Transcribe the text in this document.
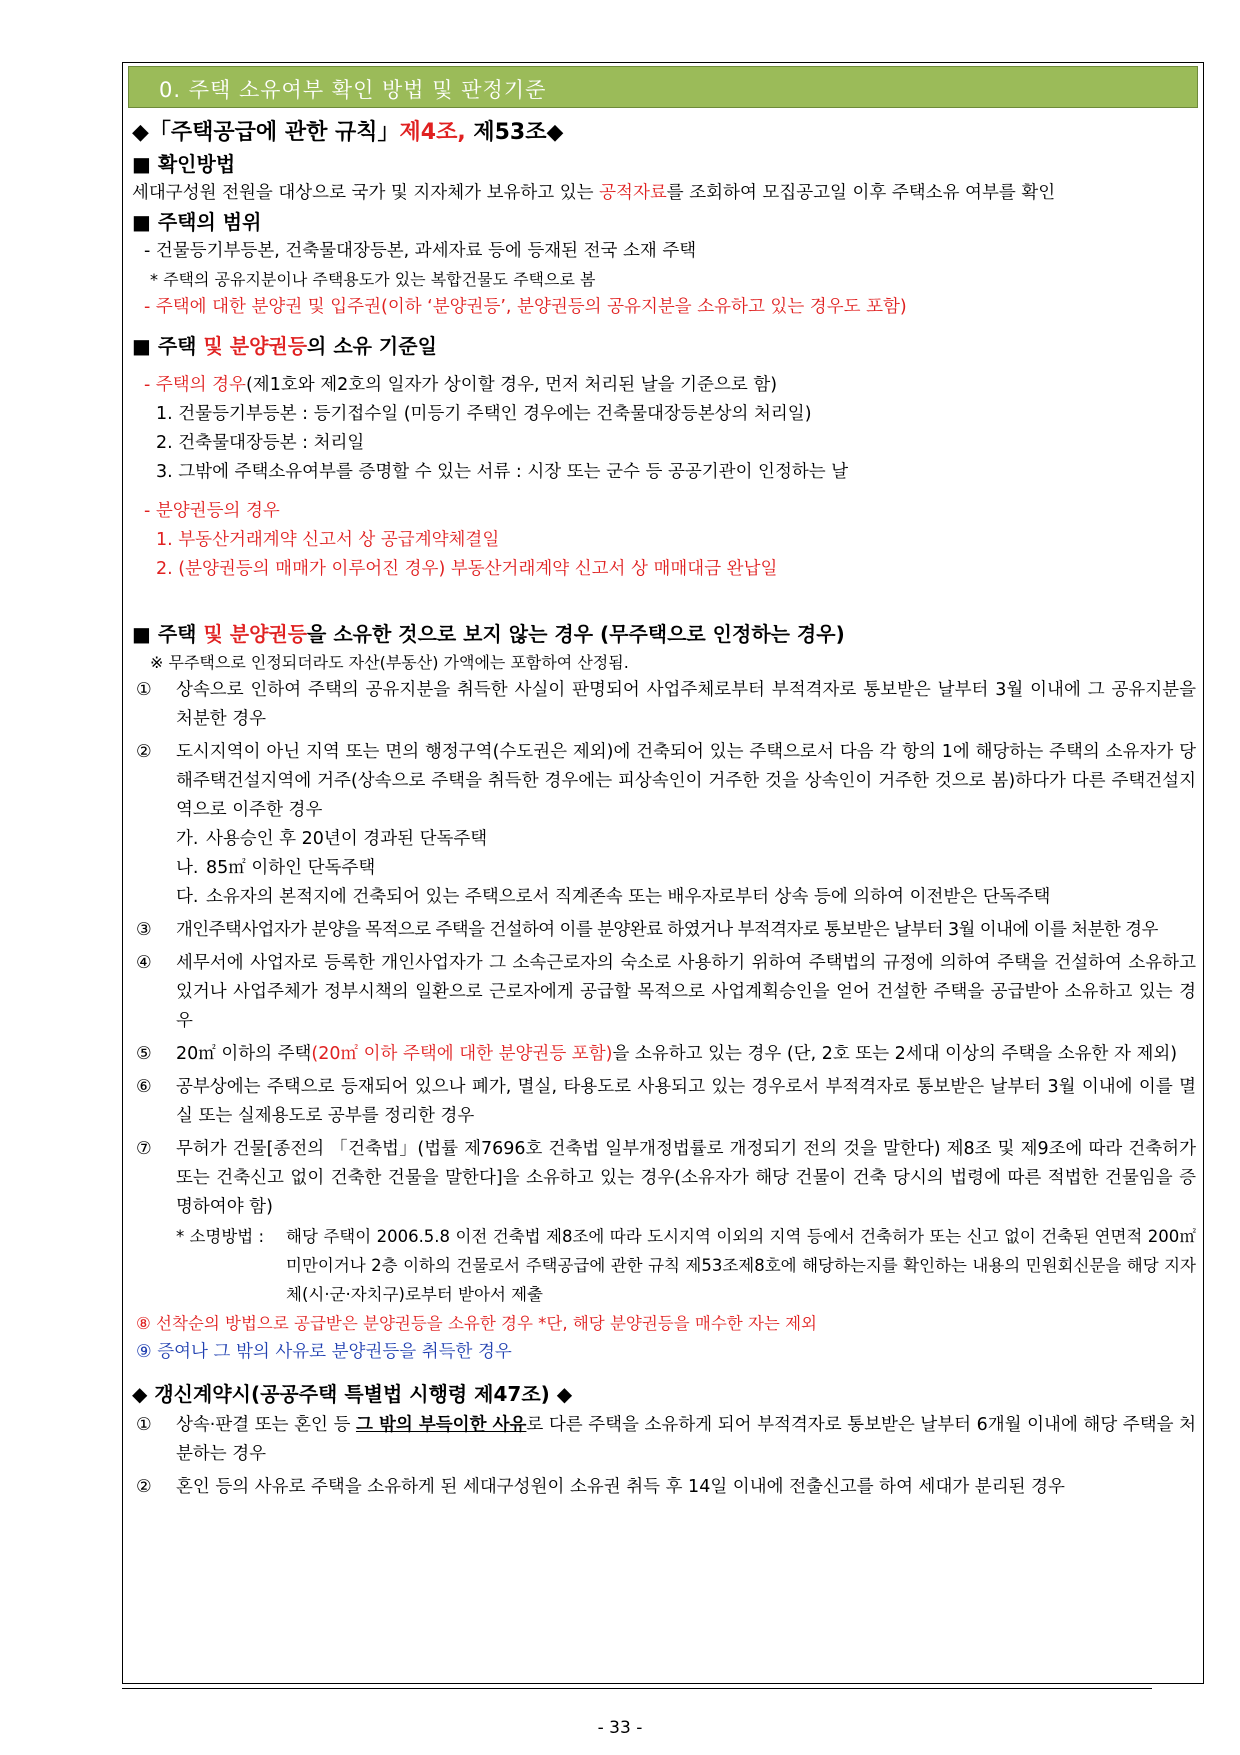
0. 주택 소유여부 확인 방법 및 판정기준

◆「주택공급에 관한 규칙」제4조, 제53조◆

■ 확인방법

세대구성원 전원을 대상으로 국가 및 지자체가 보유하고 있는 공적자료를 조회하여 모집공고일 이후 주택소유 여부를 확인

■ 주택의 범위

- 건물등기부등본, 건축물대장등본, 과세자료 등에 등재된 전국 소재 주택

* 주택의 공유지분이나 주택용도가 있는 복합건물도 주택으로 봄

- 주택에 대한 분양권 및 입주권(이하 ‘분양권등’, 분양권등의 공유지분을 소유하고 있는 경우도 포함)

■ 주택 및 분양권등의 소유 기준일

- 주택의 경우(제1호와 제2호의 일자가 상이할 경우, 먼저 처리된 날을 기준으로 함)

1. 건물등기부등본 : 등기접수일 (미등기 주택인 경우에는 건축물대장등본상의 처리일)

2. 건축물대장등본 : 처리일

3. 그밖에 주택소유여부를 증명할 수 있는 서류 : 시장 또는 군수 등 공공기관이 인정하는 날

- 분양권등의 경우

1. 부동산거래계약 신고서 상 공급계약체결일

2. (분양권등의 매매가 이루어진 경우) 부동산거래계약 신고서 상 매매대금 완납일

■ 주택 및 분양권등을 소유한 것으로 보지 않는 경우 (무주택으로 인정하는 경우)

※ 무주택으로 인정되더라도 자산(부동산) 가액에는 포함하여 산정됨.

①	상속으로 인하여 주택의 공유지분을 취득한 사실이 판명되어 사업주체로부터 부적격자로 통보받은 날부터 3월 이내에 그 공유지분을 처분한 경우
②	도시지역이 아닌 지역 또는 면의 행정구역(수도권은 제외)에 건축되어 있는 주택으로서 다음 각 항의 1에 해당하는 주택의 소유자가 당해주택건설지역에 거주(상속으로 주택을 취득한 경우에는 피상속인이 거주한 것을 상속인이 거주한 것으로 봄)하다가 다른 주택건설지역으로 이주한 경우
가. 사용승인 후 20년이 경과된 단독주택
나. 85㎡ 이하인 단독주택
다. 소유자의 본적지에 건축되어 있는 주택으로서 직계존속 또는 배우자로부터 상속 등에 의하여 이전받은 단독주택
③	개인주택사업자가 분양을 목적으로 주택을 건설하여 이를 분양완료 하였거나 부적격자로 통보받은 날부터 3월 이내에 이를 처분한 경우
④	세무서에 사업자로 등록한 개인사업자가 그 소속근로자의 숙소로 사용하기 위하여 주택법의 규정에 의하여 주택을 건설하여 소유하고 있거나 사업주체가 정부시책의 일환으로 근로자에게 공급할 목적으로 사업계획승인을 얻어 건설한 주택을 공급받아 소유하고 있는 경우
⑤	20㎡ 이하의 주택(20㎡ 이하 주택에 대한 분양권등 포함)을 소유하고 있는 경우 (단, 2호 또는 2세대 이상의 주택을 소유한 자 제외)
⑥	공부상에는 주택으로 등재되어 있으나 폐가, 멸실, 타용도로 사용되고 있는 경우로서 부적격자로 통보받은 날부터 3월 이내에 이를 멸실 또는 실제용도로 공부를 정리한 경우
⑦	무허가 건물[종전의 「건축법」(법률 제7696호 건축법 일부개정법률로 개정되기 전의 것을 말한다) 제8조 및 제9조에 따라 건축허가 또는 건축신고 없이 건축한 건물을 말한다]을 소유하고 있는 경우(소유자가 해당 건물이 건축 당시의 법령에 따른 적법한 건물임을 증명하여야 함)
* 소명방법 :	해당 주택이 2006.5.8 이전 건축법 제8조에 따라 도시지역 이외의 지역 등에서 건축허가 또는 신고 없이 건축된 연면적 200㎡ 미만이거나 2층 이하의 건물로서 주택공급에 관한 규칙 제53조제8호에 해당하는지를 확인하는 내용의 민원회신문을 해당 지자체(시·군·자치구)로부터 받아서 제출

⑧ 선착순의 방법으로 공급받은 분양권등을 소유한 경우 *단, 해당 분양권등을 매수한 자는 제외

⑨ 증여나 그 밖의 사유로 분양권등을 취득한 경우

◆ 갱신계약시(공공주택 특별법 시행령 제47조) ◆

①	상속·판결 또는 혼인 등 그 밖의 부득이한 사유로 다른 주택을 소유하게 되어 부적격자로 통보받은 날부터 6개월 이내에 해당 주택을 처분하는 경우
②	혼인 등의 사유로 주택을 소유하게 된 세대구성원이 소유권 취득 후 14일 이내에 전출신고를 하여 세대가 분리된 경우
- 33 -
